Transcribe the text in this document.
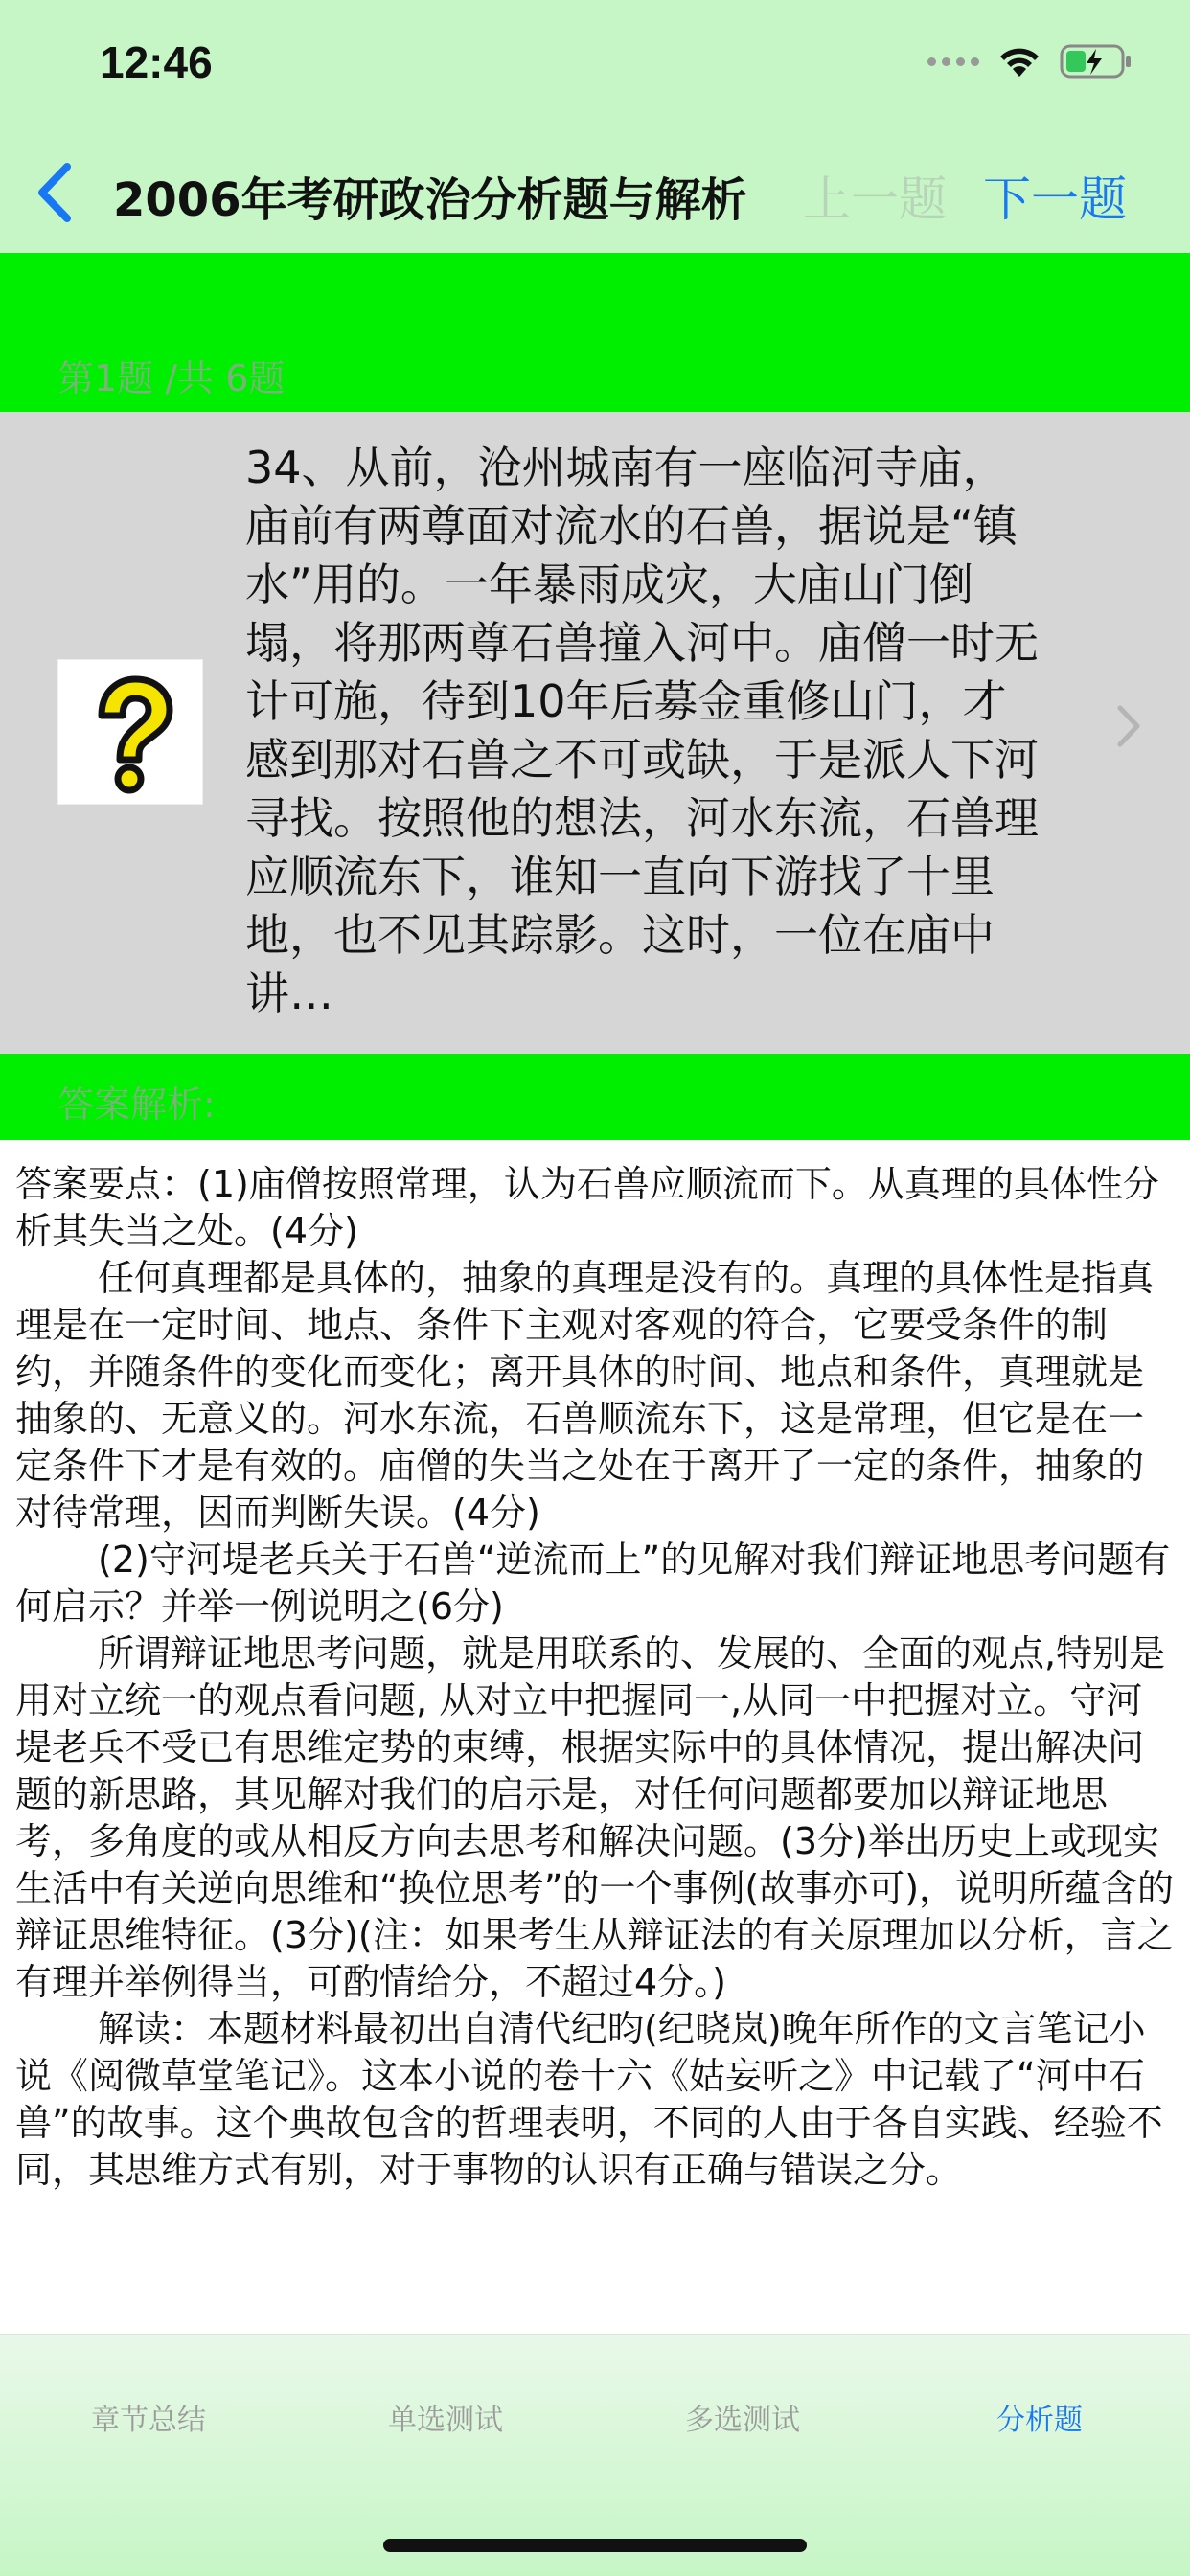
12:46
2006年考研政治分析题与解析 上一题 下一题
第1题 /共 6题
34、从前，沧州城南有一座临河寺庙，庙前有两尊面对流水的石兽，据说是“镇水”用的。一年暴雨成灾，大庙山门倒塌，将那两尊石兽撞入河中。庙僧一时无计可施，待到10年后募金重修山门，才感到那对石兽之不可或缺，于是派人下河寻找。按照他的想法，河水东流，石兽理应顺流东下，谁知一直向下游找了十里地，也不见其踪影。这时，一位在庙中讲…
答案解析:

答案要点：(1)庙僧按照常理，认为石兽应顺流而下。从真理的具体性分析其失当之处。(4分)

任何真理都是具体的，抽象的真理是没有的。真理的具体性是指真理是在一定时间、地点、条件下主观对客观的符合，它要受条件的制约，并随条件的变化而变化；离开具体的时间、地点和条件，真理就是抽象的、无意义的。河水东流，石兽顺流东下，这是常理，但它是在一定条件下才是有效的。庙僧的失当之处在于离开了一定的条件，抽象的对待常理，因而判断失误。(4分)

(2)守河堤老兵关于石兽“逆流而上”的见解对我们辩证地思考问题有何启示？并举一例说明之(6分)

所谓辩证地思考问题，就是用联系的、发展的、全面的观点,特别是用对立统一的观点看问题, 从对立中把握同一,从同一中把握对立。守河堤老兵不受已有思维定势的束缚，根据实际中的具体情况，提出解决问题的新思路，其见解对我们的启示是，对任何问题都要加以辩证地思考，多角度的或从相反方向去思考和解决问题。(3分)举出历史上或现实生活中有关逆向思维和“换位思考”的一个事例(故事亦可)，说明所蕴含的辩证思维特征。(3分)(注：如果考生从辩证法的有关原理加以分析，言之有理并举例得当，可酌情给分，不超过4分。)

解读：本题材料最初出自清代纪昀(纪晓岚)晚年所作的文言笔记小说《阅微草堂笔记》。这本小说的卷十六《姑妄听之》中记载了“河中石兽”的故事。这个典故包含的哲理表明，不同的人由于各自实践、经验不同，其思维方式有别，对于事物的认识有正确与错误之分。

章节总结	单选测试	多选测试	分析题
